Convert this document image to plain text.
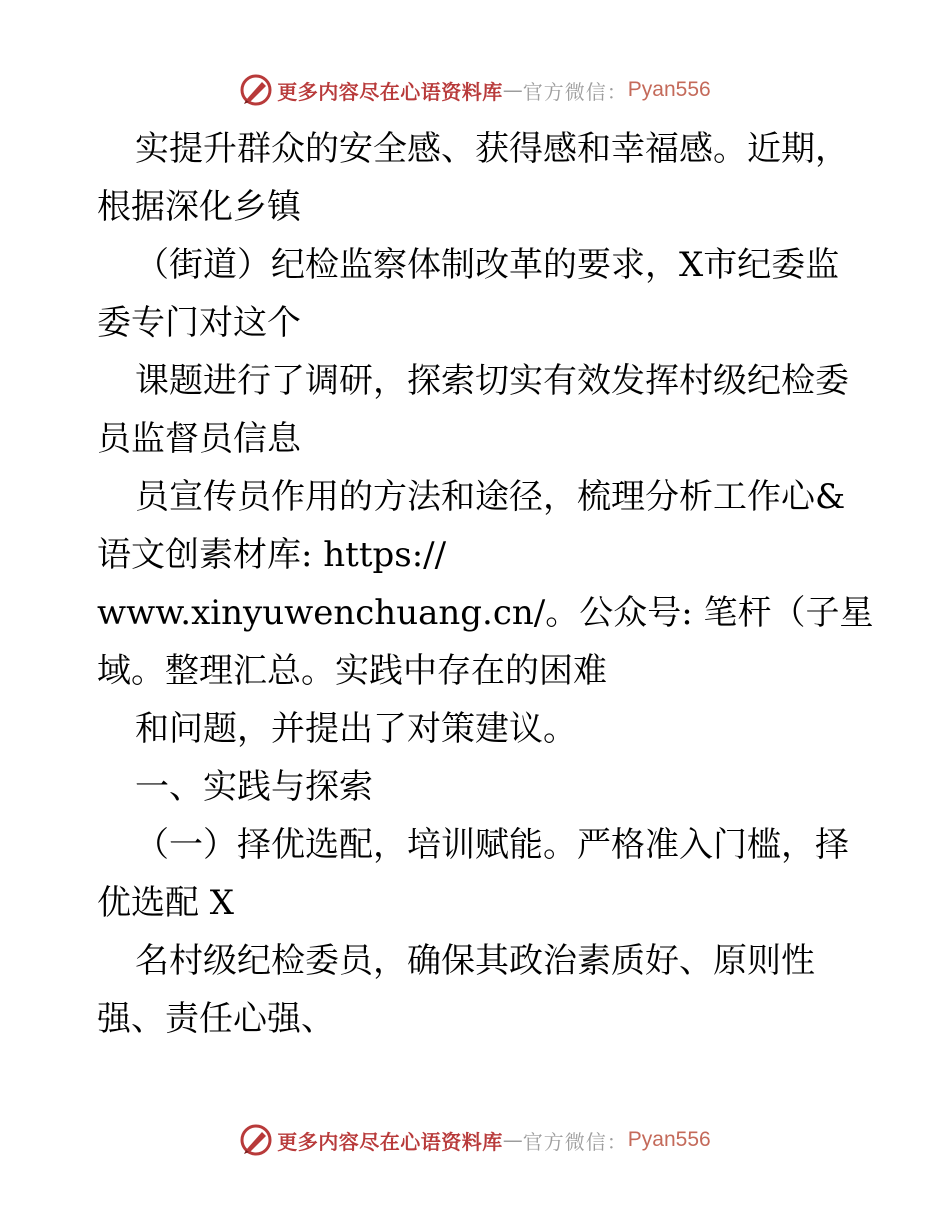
更多内容尽在心语资料库 — 官方微信： Pyan556
实提升群众的安全感、获得感和幸福感。近期，
根据深化乡镇
（街道）纪检监察体制改革的要求，X市纪委监
委专门对这个
课题进行了调研，探索切实有效发挥村级纪检委
员监督员信息
员宣传员作用的方法和途径，梳理分析工作心&
语文创素材库: https://
www.xinyuwenchuang.cn/。公众号: 笔杆（子星
域。整理汇总。实践中存在的困难
和问题，并提出了对策建议。
一、实践与探索
（一）择优选配，培训赋能。严格准入门槛，择
优选配 X
名村级纪检委员，确保其政治素质好、原则性
强、责任心强、
更多内容尽在心语资料库 — 官方微信： Pyan556
